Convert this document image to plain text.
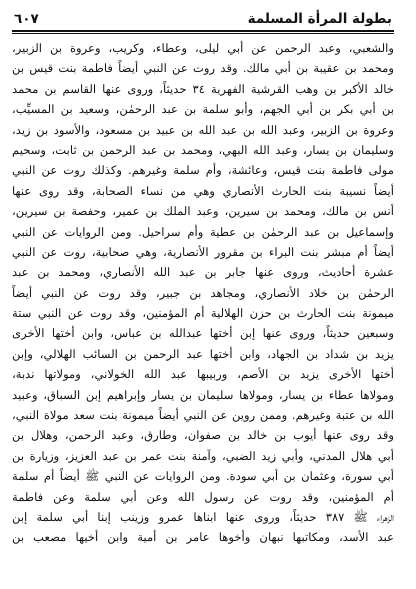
بطولة المرأة المسلمة
٦٠٧
والشعبي، وعبد الرحمن عن أبي ليلى، وعطاء، وكريب، وعروة بن الزبير،
ومحمد بن عقيبة بن أبي مالك. وقد روت عن النبي أيضاً فاطمة بنت قيس بن
خالد الأكبر بن وهب القرشية الفهرية ٣٤ حديثاً، وروى عنها القاسم بن محمد
بن أبي بكر بن أبي الجهم، وأبو سلمة بن عبد الرحمٰن، وسعيد بن المسيِّب،
وعروة بن الزبير، وعبد الله بن عبد الله بن عبيد بن مسعود، والأسود بن زيد،
وسليمان بن يسار، وعبد الله البهي، ومحمد بن عبد الرحمن بن ثابت، وسحيم
مولى فاطمة بنت قيس، وعائشة، وأم سلمة وغيرهم. وكذلك روت عن النبي
أيضاً نسيبة بنت الحارث الأنصاري وهي من نساء الصحابة، وقد روى عنها
أنس بن مالك، ومحمد بن سيرين، وعبد الملك بن عمير، وحفصة بن سيرين،
وإسماعيل بن عبد الرحمٰن بن عطية وأم سراحيل. ومن الروايات عن النبي
أيضاً أم مبشر بنت البراء بن مقرور الأنصارية، وهي صحابية، روت عن النبي
عشرة أحاديث، وروى عنها جابر بن عبد الله الأنصاري، ومحمد بن عبد
الرحمٰن بن خلاد الأنصاري، ومجاهد بن جبير، وقد روت عن النبي أيضاً
ميمونة بنت الحارث بن حزن الهلالية أم المؤمنين، وقد روت عن النبي ستة
وسبعين حديثاً، وروى عنها إبن أختها عبدالله بن عباس، وابن أختها الأخرى
يزيد بن شداد بن الجهاد، وابن أختها عبد الرحمن بن السائب الهلالي، وإبن
أختها الأخرى يزيد بن الأصم، وربيبها عبد الله الخولاني، ومولاتها ندبة،
ومولاها عطاء بن يسار، ومولاها سليمان بن يسار وإبراهيم إبن السباق، وعبيد
الله بن عتبة وغيرهم. وممن روين عن النبي أيضاً ميمونة بنت سعد مولاة النبي،
وقد روى عنها أيوب بن خالد بن صفوان، وطارق، وعبد الرحمن، وهلال بن
أبي هلال المدني، وأبي زيد الضبي، وآمنة بنت عمر بن عبد العزيز، وزيارة بن
أبي سورة، وعثمان بن أبي سودة. ومن الروايات عن النبي ﷺ أيضاً أم سلمة
أم المؤمنين، وقد روت عن رسول الله وعن أبي سلمة وعن فاطمة
الزهراء ﷺ ٣٨٧ حديثاً، وروى عنها ابناها عمرو وزينب إبنا أبي سلمة إبن
عبد الأسد، ومكاتبها نبهان وأخوها عامر بن أمية وابن أخيها مصعب بن
